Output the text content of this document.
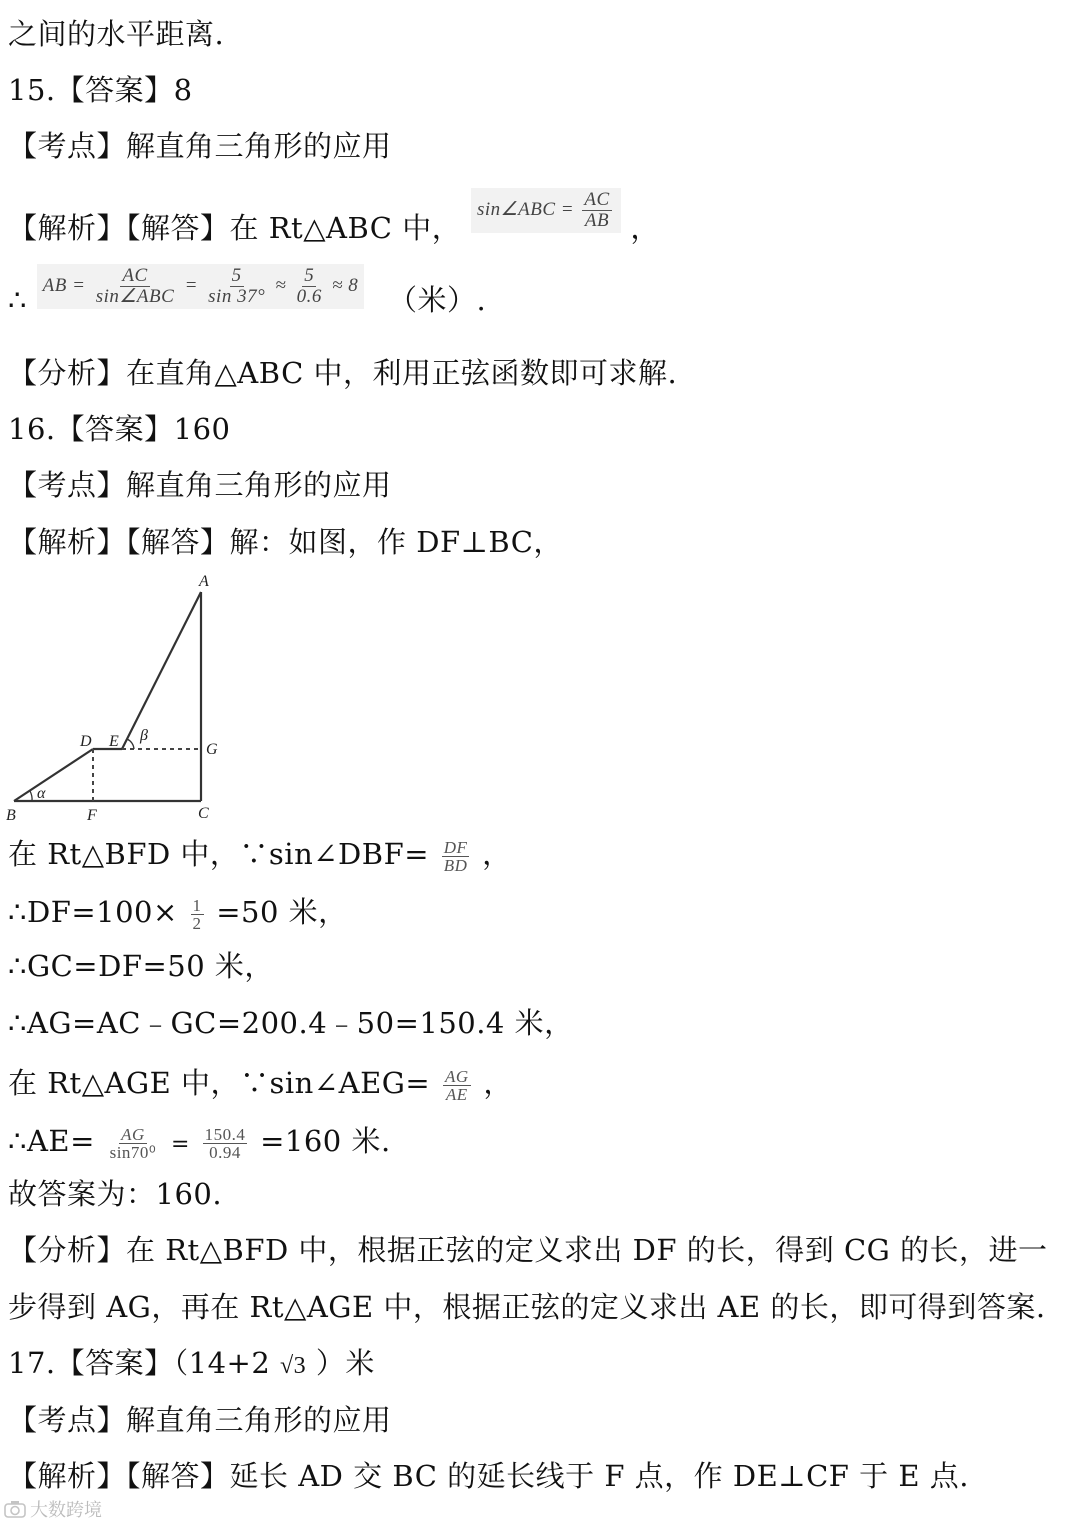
之间的水平距离.
15.【答案】8
【考点】解直角三角形的应用
【解析】【解答】在 Rt△ABC 中， sin∠ABC = $\frac{AC}{AB}$ ，
∴ AB = $\frac{AC}{\text{sin∠ABC}} = \frac{5}{\sin 37^\circ} \approx \frac{5}{0.6} \approx 8$ （米）.
【分析】在直角△ABC 中，利用正弦函数即可求解.
16.【答案】160
【考点】解直角三角形的应用
【解析】【解答】解：如图，作 DF⊥BC，
A
B	C
D E
F
G
α
β
在 Rt△BFD 中，∵sin∠DBF= $\frac{DF}{BD}$ ，
∴DF=100× $\frac{1}{2} =50$ 米，
∴GC=DF=50 米，
∴AG=AC﹣GC=200.4﹣50=150.4 米，
在 Rt△AGE 中，∵sin∠AEG= $\frac{AG}{AE}$ ，
∴AE= $\frac{AG}{\text{sin70⁰}} = \frac{150.4}{0.94} =160$ 米.
故答案为：160.
【分析】在 Rt△BFD 中，根据正弦的定义求出 DF 的长，得到 CG 的长，进一
步得到 AG，再在 Rt△AGE 中，根据正弦的定义求出 AE 的长，即可得到答案.
17.【答案】（14+2 √3 ）米
【考点】解直角三角形的应用
【解析】【解答】延长 AD 交 BC 的延长线于 F 点，作 DE⊥CF 于 E 点.
大数跨境
